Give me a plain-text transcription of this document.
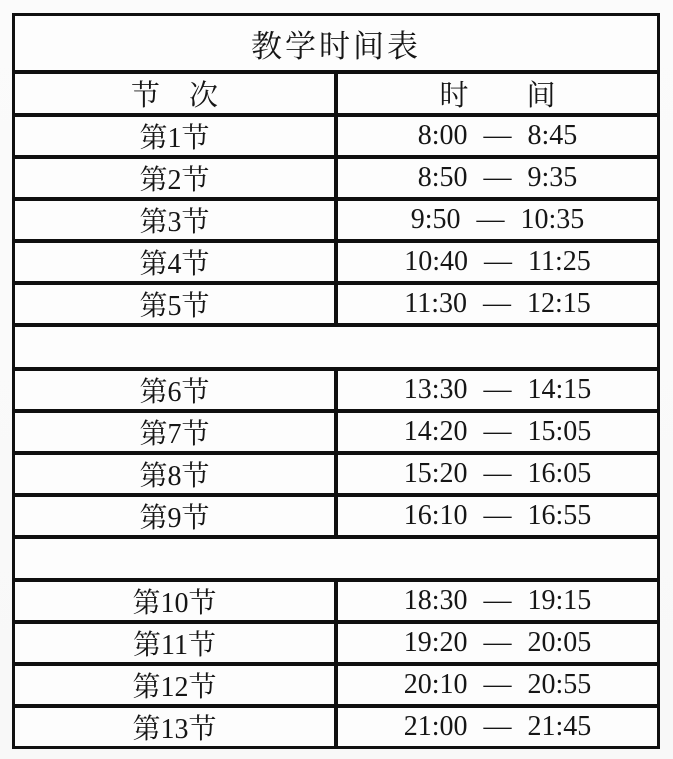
教学时间表
节　次	时　　间
第1节	8:00 — 8:45
第2节	8:50 — 9:35
第3节	9:50 — 10:35
第4节	10:40 — 11:25
第5节	11:30 — 12:15
第6节	13:30 — 14:15
第7节	14:20 — 15:05
第8节	15:20 — 16:05
第9节	16:10 — 16:55
第10节	18:30 — 19:15
第11节	19:20 — 20:05
第12节	20:10 — 20:55
第13节	21:00 — 21:45
